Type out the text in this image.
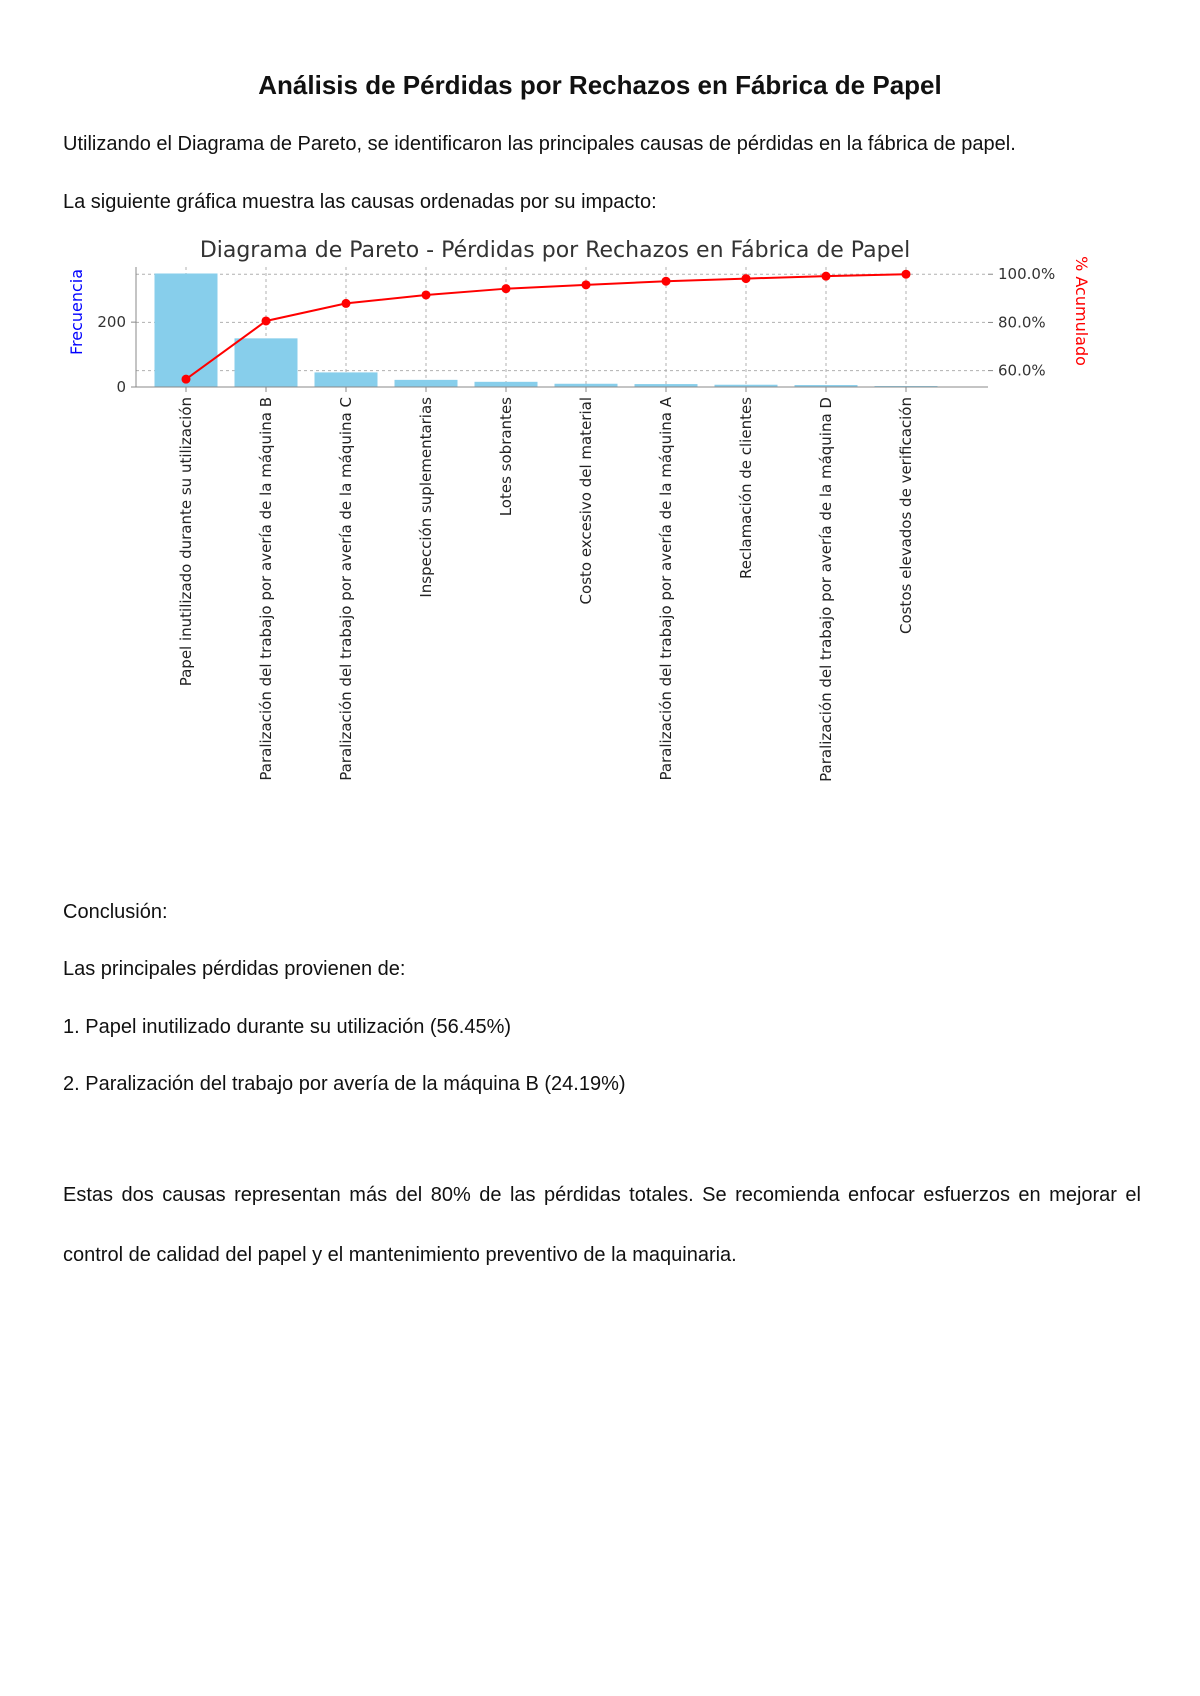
Análisis de Pérdidas por Rechazos en Fábrica de Papel
Utilizando el Diagrama de Pareto, se identificaron las principales causas de pérdidas en la fábrica de papel.
La siguiente gráfica muestra las causas ordenadas por su impacto:
Diagrama de Pareto - Pérdidas por Rechazos en Fábrica de Papel
0
200
60.0%
80.0%
100.0%
Papel inutilizado durante su utilización	Paralización del trabajo por avería de la máquina B	Paralización del trabajo por avería de la máquina C	Inspección suplementarias	Lotes sobrantes	Costo excesivo del material	Paralización del trabajo por avería de la máquina A	Reclamación de clientes	Paralización del trabajo por avería de la máquina D	Costos elevados de verificación
Frecuencia	% Acumulado
Conclusión:
Las principales pérdidas provienen de:
1. Papel inutilizado durante su utilización (56.45%)
2. Paralización del trabajo por avería de la máquina B (24.19%)
Estas dos causas representan más del 80% de las pérdidas totales. Se recomienda enfocar esfuerzos en mejorar el control de calidad del papel y el mantenimiento preventivo de la maquinaria.
